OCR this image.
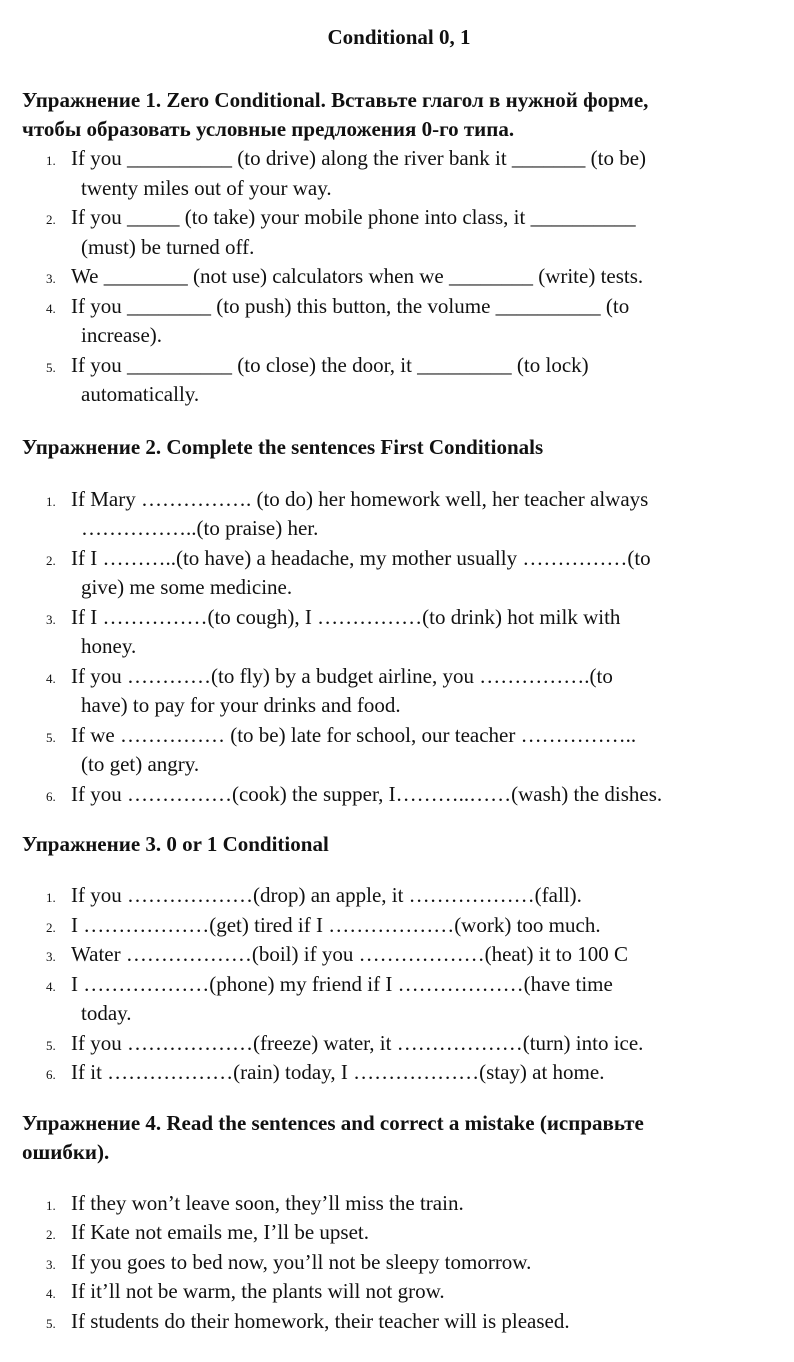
Conditional 0, 1
Упражнение 1. Zero Conditional. Вставьте глагол в нужной форме,
чтобы образовать условные предложения 0-го типа.
1. If you __________ (to drive) along the river bank it _______ (to be)
twenty miles out of your way.
2. If you _____ (to take) your mobile phone into class, it __________
(must) be turned off.
3. We ________ (not use) calculators when we ________ (write) tests.
4. If you ________ (to push) this button, the volume __________ (to
increase).
5. If you __________ (to close) the door, it _________ (to lock)
automatically.
Упражнение 2. Complete the sentences First Conditionals
1. If Mary ……………. (to do) her homework well, her teacher always
……………..(to praise) her.
2. If I ………..(to have) a headache, my mother usually ……………(to
give) me some medicine.
3. If I ……………(to cough), I ……………(to drink) hot milk with
honey.
4. If you …………(to fly) by a budget airline, you …………….(to
have) to pay for your drinks and food.
5. If we …………… (to be) late for school, our teacher ……………..
(to get) angry.
6. If you ……………(cook) the supper, I………..……(wash) the dishes.
Упражнение 3. 0 or 1 Conditional
1. If you ………………(drop) an apple, it ………………(fall).
2. I ………………(get) tired if I ………………(work) too much.
3. Water ………………(boil) if you ………………(heat) it to 100 C
4. I ………………(phone) my friend if I ………………(have time
today.
5. If you ………………(freeze) water, it ………………(turn) into ice.
6. If it ………………(rain) today, I ………………(stay) at home.
Упражнение 4. Read the sentences and correct a mistake (исправьте
ошибки).
1. If they won’t leave soon, they’ll miss the train.
2. If Kate not emails me, I’ll be upset.
3. If you goes to bed now, you’ll not be sleepy tomorrow.
4. If it’ll not be warm, the plants will not grow.
5. If students do their homework, their teacher will is pleased.
